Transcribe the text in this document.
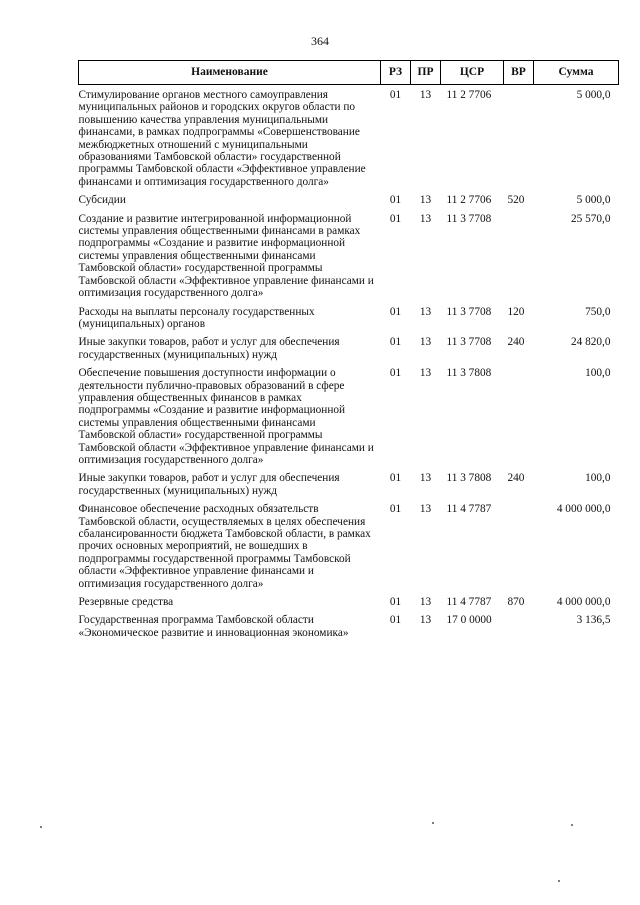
364
Наименование	РЗ	ПР	ЦСР	ВР	Сумма
Стимулирование органов местного самоуправления муниципальных районов и городских округов области по повышению качества управления муниципальными финансами, в рамках подпрограммы «Совершенствование межбюджетных отношений с муниципальными образованиями Тамбовской области» государственной программы Тамбовской области «Эффективное управление финансами и оптимизация государственного долга»	01	13	11 2 7706		5 000,0
Субсидии	01	13	11 2 7706	520	5 000,0
Создание и развитие интегрированной информационной системы управления общественными финансами в рамках подпрограммы «Создание и развитие информационной системы управления общественными финансами Тамбовской области» государственной программы Тамбовской области «Эффективное управление финансами и оптимизация государственного долга»	01	13	11 3 7708		25 570,0
Расходы на выплаты персоналу государственных (муниципальных) органов	01	13	11 3 7708	120	750,0
Иные закупки товаров, работ и услуг для обеспечения государственных (муниципальных) нужд	01	13	11 3 7708	240	24 820,0
Обеспечение повышения доступности информации о деятельности публично-правовых образований в сфере управления общественных финансов в рамках подпрограммы «Создание и развитие информационной системы управления общественными финансами Тамбовской области» государственной программы Тамбовской области «Эффективное управление финансами и оптимизация государственного долга»	01	13	11 3 7808		100,0
Иные закупки товаров, работ и услуг для обеспечения государственных (муниципальных) нужд	01	13	11 3 7808	240	100,0
Финансовое обеспечение расходных обязательств Тамбовской области, осуществляемых в целях обеспечения сбалансированности бюджета Тамбовской области, в рамках прочих основных мероприятий, не вошедших в подпрограммы государственной программы Тамбовской области «Эффективное управление финансами и оптимизация государственного долга»	01	13	11 4 7787		4 000 000,0
Резервные средства	01	13	11 4 7787	870	4 000 000,0
Государственная программа Тамбовской области «Экономическое развитие и инновационная экономика»	01	13	17 0 0000		3 136,5
